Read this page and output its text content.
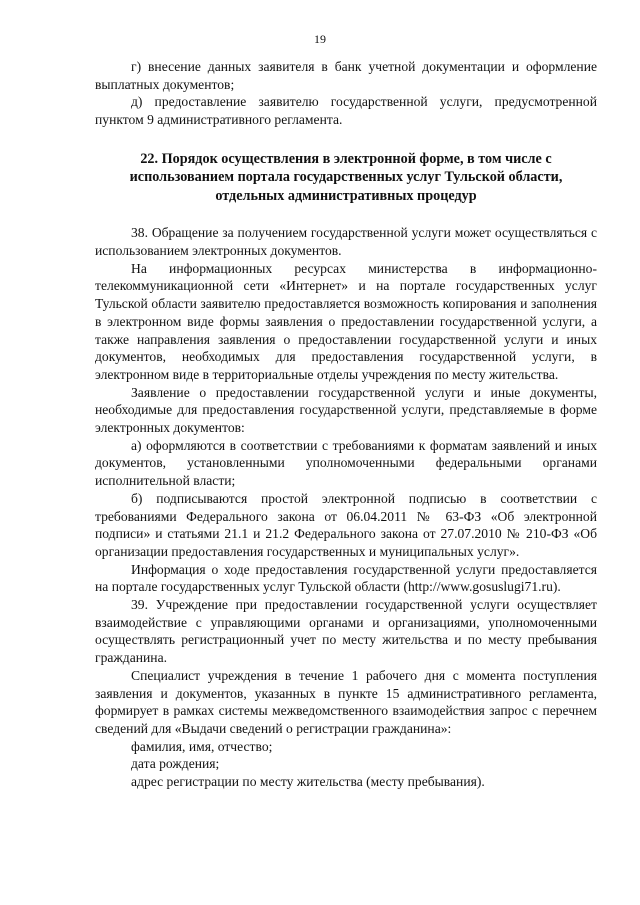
19

г) внесение данных заявителя в банк учетной документации и оформление выплатных документов;

д) предоставление заявителю государственной услуги, предусмотренной пунктом 9 административного регламента.

22. Порядок осуществления в электронной форме, в том числе с использованием портала государственных услуг Тульской области, отдельных административных процедур

38. Обращение за получением государственной услуги может осуществляться с использованием электронных документов.

На информационных ресурсах министерства в информационно-телекоммуникационной сети «Интернет» и на портале государственных услуг Тульской области заявителю предоставляется возможность копирования и заполнения в электронном виде формы заявления о предоставлении государственной услуги, а также направления заявления о предоставлении государственной услуги и иных документов, необходимых для предоставления государственной услуги, в электронном виде в территориальные отделы учреждения по месту жительства.

Заявление о предоставлении государственной услуги и иные документы, необходимые для предоставления государственной услуги, представляемые в форме электронных документов:

а) оформляются в соответствии с требованиями к форматам заявлений и иных документов, установленными уполномоченными федеральными органами исполнительной власти;

б) подписываются простой электронной подписью в соответствии с требованиями Федерального закона от 06.04.2011 № 63-ФЗ «Об электронной подписи» и статьями 21.1 и 21.2 Федерального закона от 27.07.2010 № 210-ФЗ «Об организации предоставления государственных и муниципальных услуг».

Информация о ходе предоставления государственной услуги предоставляется на портале государственных услуг Тульской области (http://www.gosuslugi71.ru).

39. Учреждение при предоставлении государственной услуги осуществляет взаимодействие с управляющими органами и организациями, уполномоченными осуществлять регистрационный учет по месту жительства и по месту пребывания гражданина.

Специалист учреждения в течение 1 рабочего дня с момента поступления заявления и документов, указанных в пункте 15 административного регламента, формирует в рамках системы межведомственного взаимодействия запрос с перечнем сведений для «Выдачи сведений о регистрации гражданина»:

фамилия, имя, отчество;

дата рождения;

адрес регистрации по месту жительства (месту пребывания).
